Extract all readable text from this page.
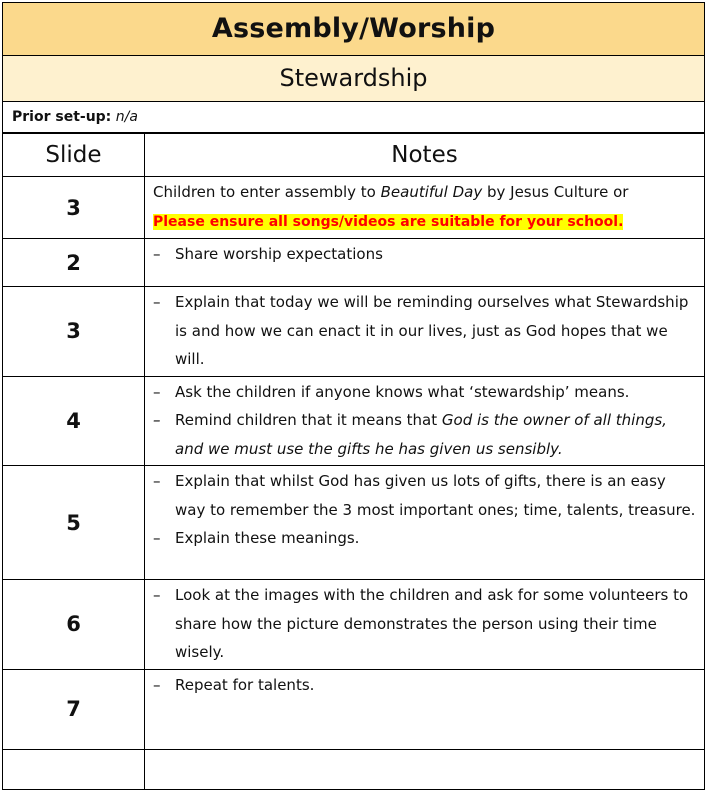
Assembly/Worship
Stewardship
Prior set-up: n/a
Slide	Notes
3	Children to enter assembly to Beautiful Day by Jesus Culture or
Please ensure all songs/videos are suitable for your school.

2	– Share worship expectations

3	– Explain that today we will be reminding ourselves what Stewardship is and how we can enact it in our lives, just as God hopes that we will.

4	– Ask the children if anyone knows what ‘stewardship’ means.
– Remind children that it means that God is the owner of all things, and we must use the gifts he has given us sensibly.

5	– Explain that whilst God has given us lots of gifts, there is an easy way to remember the 3 most important ones; time, talents, treasure.
– Explain these meanings.

6	– Look at the images with the children and ask for some volunteers to share how the picture demonstrates the person using their time wisely.

7	– Repeat for talents.
